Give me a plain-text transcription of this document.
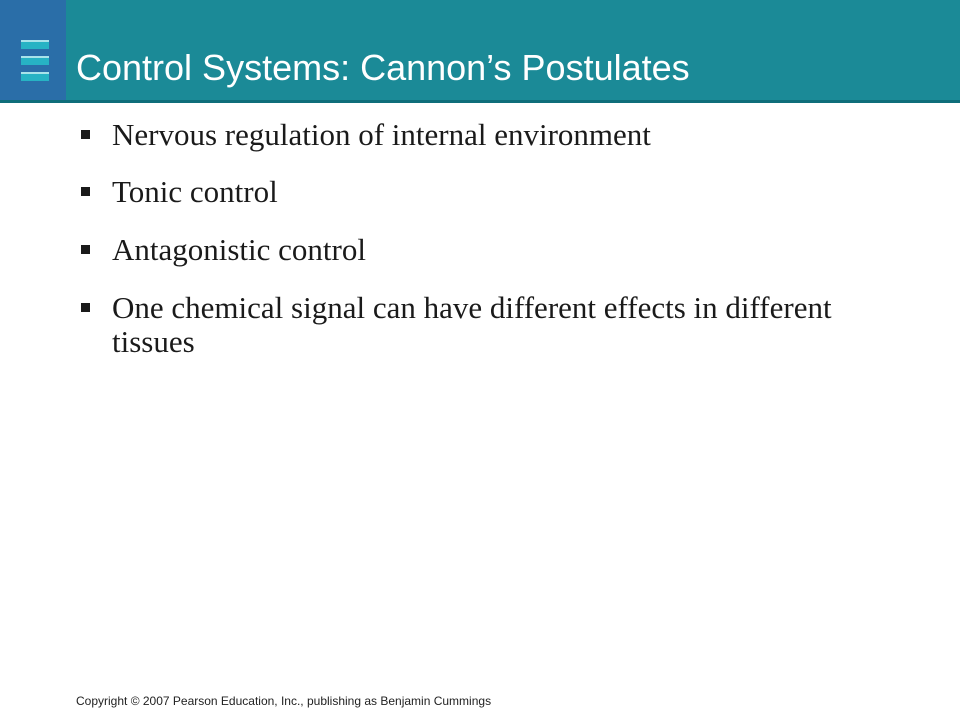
Control Systems: Cannon’s Postulates
Nervous regulation of internal environment
Tonic control
Antagonistic control
One chemical signal can have different effects in different tissues

Copyright © 2007 Pearson Education, Inc., publishing as Benjamin Cummings
